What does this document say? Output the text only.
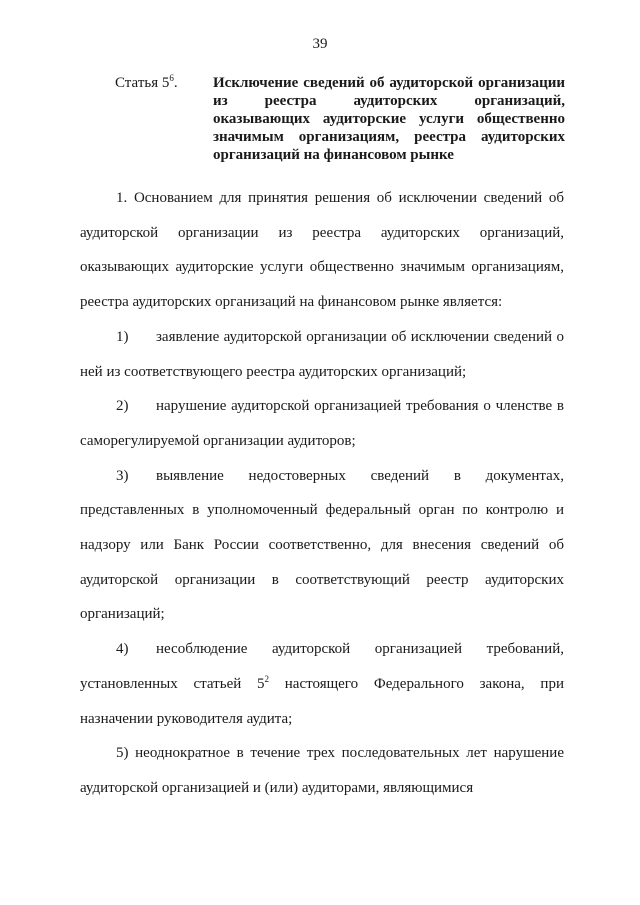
39
Статья $5^6$. Исключение сведений об аудиторской организации из реестра аудиторских организаций, оказывающих аудиторские услуги общественно значимым организациям, реестра аудиторских организаций на финансовом рынке

1. Основанием для принятия решения об исключении сведений об аудиторской организации из реестра аудиторских организаций, оказывающих аудиторские услуги общественно значимым организациям, реестра аудиторских организаций на финансовом рынке является:

1) заявление аудиторской организации об исключении сведений о ней из соответствующего реестра аудиторских организаций;

2) нарушение аудиторской организацией требования о членстве в саморегулируемой организации аудиторов;

3) выявление недостоверных сведений в документах, представленных в уполномоченный федеральный орган по контролю и надзору или Банк России соответственно, для внесения сведений об аудиторской организации в соответствующий реестр аудиторских организаций;

4) несоблюдение аудиторской организацией требований, установленных статьей $5^2$ настоящего Федерального закона, при назначении руководителя аудита;

5) неоднократное в течение трех последовательных лет нарушение аудиторской организацией и (или) аудиторами, являющимися
